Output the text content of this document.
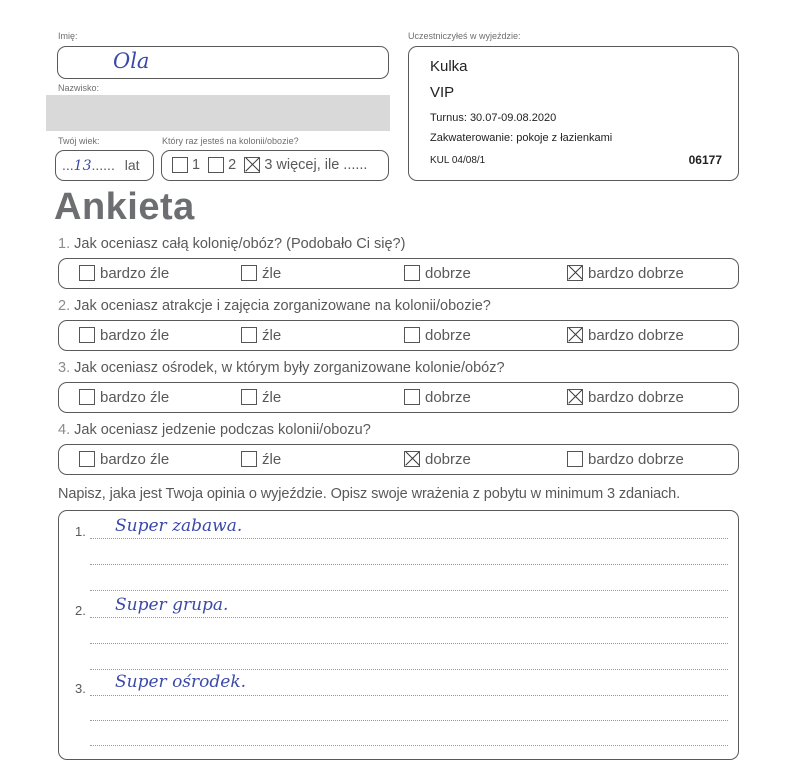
Imię:
Ola
Nazwisko:
Twój wiek:
...13...... lat
Który raz jesteś na kolonii/obozie?
1 2 3 więcej, ile ......
Uczestniczyłeś w wyjeździe:
Kulka
VIP
Turnus: 30.07-09.08.2020
Zakwaterowanie: pokoje z łazienkami
KUL 04/08/1	06177
Ankieta
1. Jak oceniasz całą kolonię/obóz? (Podobało Ci się?)
bardzo źle	źle	dobrze	bardzo dobrze
2. Jak oceniasz atrakcje i zajęcia zorganizowane na kolonii/obozie?
bardzo źle	źle	dobrze	bardzo dobrze
3. Jak oceniasz ośrodek, w którym były zorganizowane kolonie/obóz?
bardzo źle	źle	dobrze	bardzo dobrze
4. Jak oceniasz jedzenie podczas kolonii/obozu?
bardzo źle	źle	dobrze	bardzo dobrze
Napisz, jaka jest Twoja opinia o wyjeździe. Opisz swoje wrażenia z pobytu w minimum 3 zdaniach.
1. Super zabawa.
2. Super grupa.
3. Super ośrodek.
